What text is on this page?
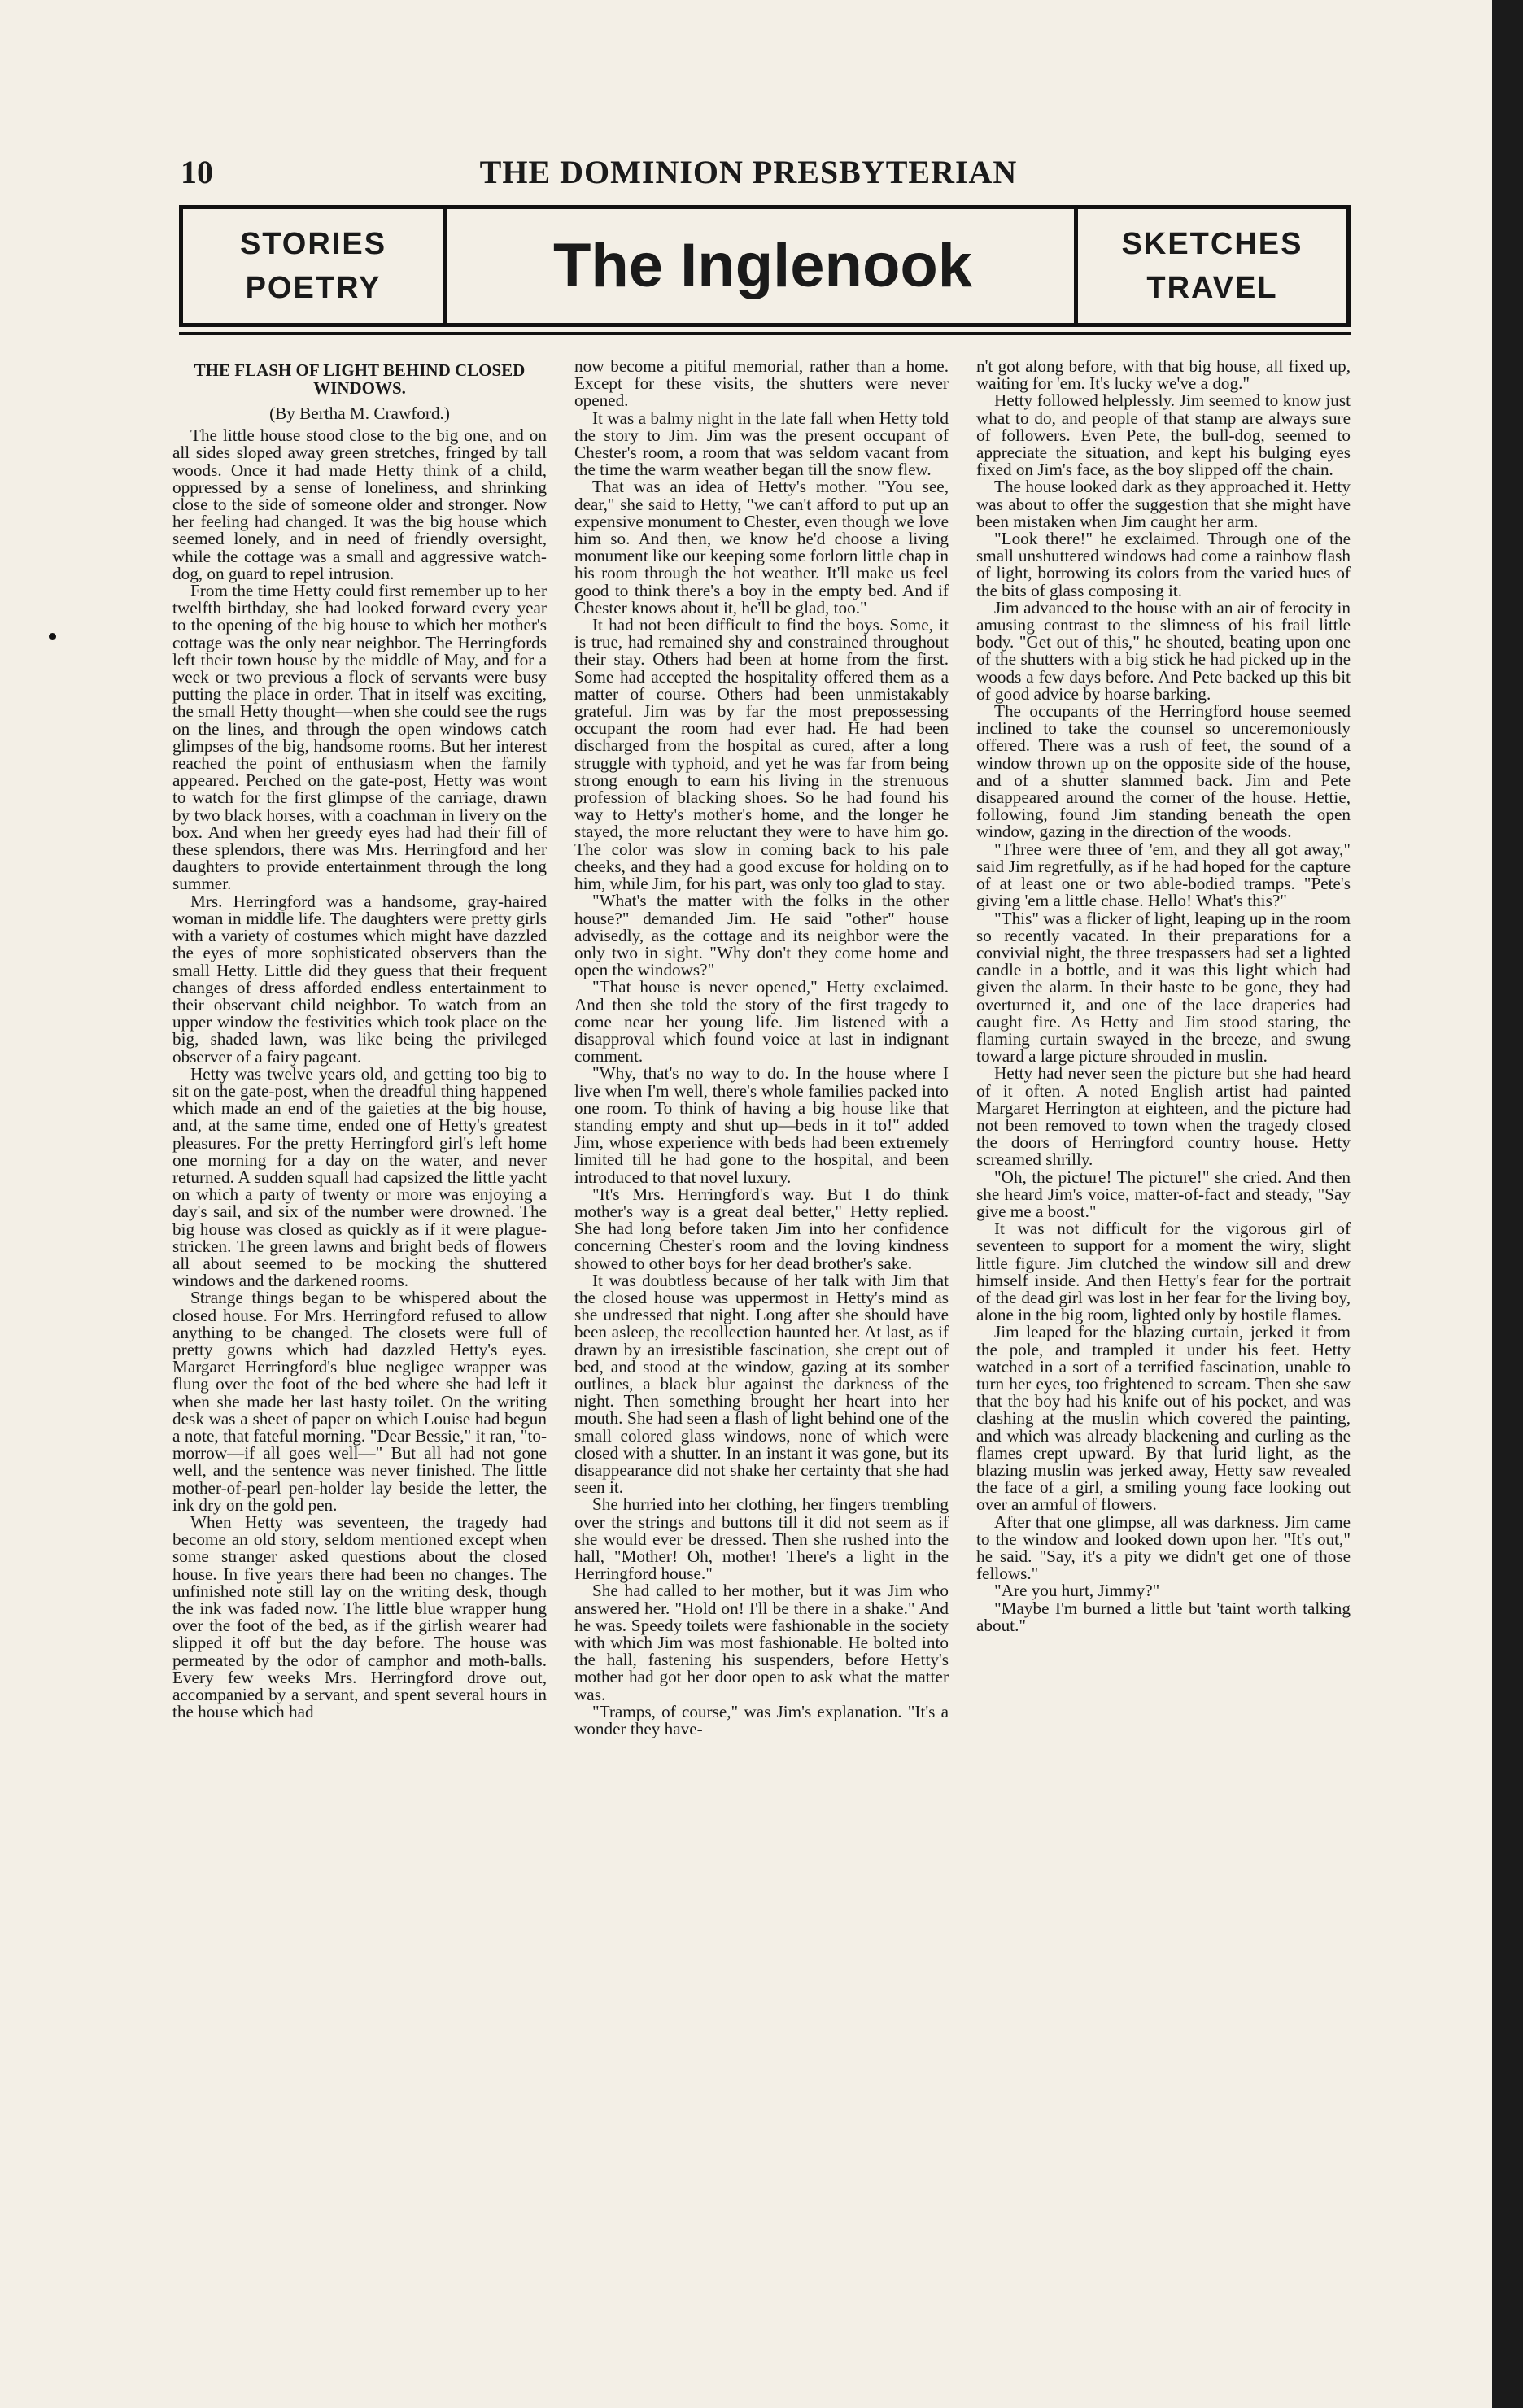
10	THE DOMINION PRESBYTERIAN
STORIES
POETRY	The Inglenook	SKETCHES
TRAVEL
THE FLASH OF LIGHT BEHIND CLOSED WINDOWS.

(By Bertha M. Crawford.)

The little house stood close to the big one, and on all sides sloped away green stretches, fringed by tall woods. Once it had made Hetty think of a child, oppressed by a sense of loneliness, and shrinking close to the side of someone older and stronger. Now her feeling had changed. It was the big house which seemed lonely, and in need of friendly oversight, while the cottage was a small and aggressive watch-dog, on guard to repel intrusion.

From the time Hetty could first remember up to her twelfth birthday, she had looked forward every year to the opening of the big house to which her mother's cottage was the only near neighbor. The Herringfords left their town house by the middle of May, and for a week or two previous a flock of servants were busy putting the place in order. That in itself was exciting, the small Hetty thought—when she could see the rugs on the lines, and through the open windows catch glimpses of the big, handsome rooms. But her interest reached the point of enthusiasm when the family appeared. Perched on the gate-post, Hetty was wont to watch for the first glimpse of the carriage, drawn by two black horses, with a coachman in livery on the box. And when her greedy eyes had had their fill of these splendors, there was Mrs. Herringford and her daughters to provide entertainment through the long summer.

Mrs. Herringford was a handsome, gray-haired woman in middle life. The daughters were pretty girls with a variety of costumes which might have dazzled the eyes of more sophisticated observers than the small Hetty. Little did they guess that their frequent changes of dress afforded endless entertainment to their observant child neighbor. To watch from an upper window the festivities which took place on the big, shaded lawn, was like being the privileged observer of a fairy pageant.

Hetty was twelve years old, and getting too big to sit on the gate-post, when the dreadful thing happened which made an end of the gaieties at the big house, and, at the same time, ended one of Hetty's greatest pleasures. For the pretty Herringford girl's left home one morning for a day on the water, and never returned. A sudden squall had capsized the little yacht on which a party of twenty or more was enjoying a day's sail, and six of the number were drowned. The big house was closed as quickly as if it were plague-stricken. The green lawns and bright beds of flowers all about seemed to be mocking the shuttered windows and the darkened rooms.

Strange things began to be whispered about the closed house. For Mrs. Herringford refused to allow anything to be changed. The closets were full of pretty gowns which had dazzled Hetty's eyes. Margaret Herringford's blue negligee wrapper was flung over the foot of the bed where she had left it when she made her last hasty toilet. On the writing desk was a sheet of paper on which Louise had begun a note, that fateful morning. "Dear Bessie," it ran, "to-morrow—if all goes well—" But all had not gone well, and the sentence was never finished. The little mother-of-pearl pen-holder lay beside the letter, the ink dry on the gold pen.

When Hetty was seventeen, the tragedy had become an old story, seldom mentioned except when some stranger asked questions about the closed house. In five years there had been no changes. The unfinished note still lay on the writing desk, though the ink was faded now. The little blue wrapper hung over the foot of the bed, as if the girlish wearer had slipped it off but the day before. The house was permeated by the odor of camphor and moth-balls. Every few weeks Mrs. Herringford drove out, accompanied by a servant, and spent several hours in the house which had

now become a pitiful memorial, rather than a home. Except for these visits, the shutters were never opened.

It was a balmy night in the late fall when Hetty told the story to Jim. Jim was the present occupant of Chester's room, a room that was seldom vacant from the time the warm weather began till the snow flew.

That was an idea of Hetty's mother. "You see, dear," she said to Hetty, "we can't afford to put up an expensive monument to Chester, even though we love him so. And then, we know he'd choose a living monument like our keeping some forlorn little chap in his room through the hot weather. It'll make us feel good to think there's a boy in the empty bed. And if Chester knows about it, he'll be glad, too."

It had not been difficult to find the boys. Some, it is true, had remained shy and constrained throughout their stay. Others had been at home from the first. Some had accepted the hospitality offered them as a matter of course. Others had been unmistakably grateful. Jim was by far the most prepossessing occupant the room had ever had. He had been discharged from the hospital as cured, after a long struggle with typhoid, and yet he was far from being strong enough to earn his living in the strenuous profession of blacking shoes. So he had found his way to Hetty's mother's home, and the longer he stayed, the more reluctant they were to have him go. The color was slow in coming back to his pale cheeks, and they had a good excuse for holding on to him, while Jim, for his part, was only too glad to stay.

"What's the matter with the folks in the other house?" demanded Jim. He said "other" house advisedly, as the cottage and its neighbor were the only two in sight. "Why don't they come home and open the windows?"

"That house is never opened," Hetty exclaimed. And then she told the story of the first tragedy to come near her young life. Jim listened with a disapproval which found voice at last in indignant comment.

"Why, that's no way to do. In the house where I live when I'm well, there's whole families packed into one room. To think of having a big house like that standing empty and shut up—beds in it to!" added Jim, whose experience with beds had been extremely limited till he had gone to the hospital, and been introduced to that novel luxury.

"It's Mrs. Herringford's way. But I do think mother's way is a great deal better," Hetty replied. She had long before taken Jim into her confidence concerning Chester's room and the loving kindness showed to other boys for her dead brother's sake.

It was doubtless because of her talk with Jim that the closed house was uppermost in Hetty's mind as she undressed that night. Long after she should have been asleep, the recollection haunted her. At last, as if drawn by an irresistible fascination, she crept out of bed, and stood at the window, gazing at its somber outlines, a black blur against the darkness of the night. Then something brought her heart into her mouth. She had seen a flash of light behind one of the small colored glass windows, none of which were closed with a shutter. In an instant it was gone, but its disappearance did not shake her certainty that she had seen it.

She hurried into her clothing, her fingers trembling over the strings and buttons till it did not seem as if she would ever be dressed. Then she rushed into the hall, "Mother! Oh, mother! There's a light in the Herringford house."

She had called to her mother, but it was Jim who answered her. "Hold on! I'll be there in a shake." And he was. Speedy toilets were fashionable in the society with which Jim was most fashionable. He bolted into the hall, fastening his suspenders, before Hetty's mother had got her door open to ask what the matter was.

"Tramps, of course," was Jim's explanation. "It's a wonder they have-

n't got along before, with that big house, all fixed up, waiting for 'em. It's lucky we've a dog."

Hetty followed helplessly. Jim seemed to know just what to do, and people of that stamp are always sure of followers. Even Pete, the bull-dog, seemed to appreciate the situation, and kept his bulging eyes fixed on Jim's face, as the boy slipped off the chain.

The house looked dark as they approached it. Hetty was about to offer the suggestion that she might have been mistaken when Jim caught her arm.

"Look there!" he exclaimed. Through one of the small unshuttered windows had come a rainbow flash of light, borrowing its colors from the varied hues of the bits of glass composing it.

Jim advanced to the house with an air of ferocity in amusing contrast to the slimness of his frail little body. "Get out of this," he shouted, beating upon one of the shutters with a big stick he had picked up in the woods a few days before. And Pete backed up this bit of good advice by hoarse barking.

The occupants of the Herringford house seemed inclined to take the counsel so unceremoniously offered. There was a rush of feet, the sound of a window thrown up on the opposite side of the house, and of a shutter slammed back. Jim and Pete disappeared around the corner of the house. Hettie, following, found Jim standing beneath the open window, gazing in the direction of the woods.

"Three were three of 'em, and they all got away," said Jim regretfully, as if he had hoped for the capture of at least one or two able-bodied tramps. "Pete's giving 'em a little chase. Hello! What's this?"

"This" was a flicker of light, leaping up in the room so recently vacated. In their preparations for a convivial night, the three trespassers had set a lighted candle in a bottle, and it was this light which had given the alarm. In their haste to be gone, they had overturned it, and one of the lace draperies had caught fire. As Hetty and Jim stood staring, the flaming curtain swayed in the breeze, and swung toward a large picture shrouded in muslin.

Hetty had never seen the picture but she had heard of it often. A noted English artist had painted Margaret Herrington at eighteen, and the picture had not been removed to town when the tragedy closed the doors of Herringford country house. Hetty screamed shrilly.

"Oh, the picture! The picture!" she cried. And then she heard Jim's voice, matter-of-fact and steady, "Say give me a boost."

It was not difficult for the vigorous girl of seventeen to support for a moment the wiry, slight little figure. Jim clutched the window sill and drew himself inside. And then Hetty's fear for the portrait of the dead girl was lost in her fear for the living boy, alone in the big room, lighted only by hostile flames.

Jim leaped for the blazing curtain, jerked it from the pole, and trampled it under his feet. Hetty watched in a sort of a terrified fascination, unable to turn her eyes, too frightened to scream. Then she saw that the boy had his knife out of his pocket, and was clashing at the muslin which covered the painting, and which was already blackening and curling as the flames crept upward. By that lurid light, as the blazing muslin was jerked away, Hetty saw revealed the face of a girl, a smiling young face looking out over an armful of flowers.

After that one glimpse, all was darkness. Jim came to the window and looked down upon her. "It's out," he said. "Say, it's a pity we didn't get one of those fellows."

"Are you hurt, Jimmy?"

"Maybe I'm burned a little but 'taint worth talking about."
